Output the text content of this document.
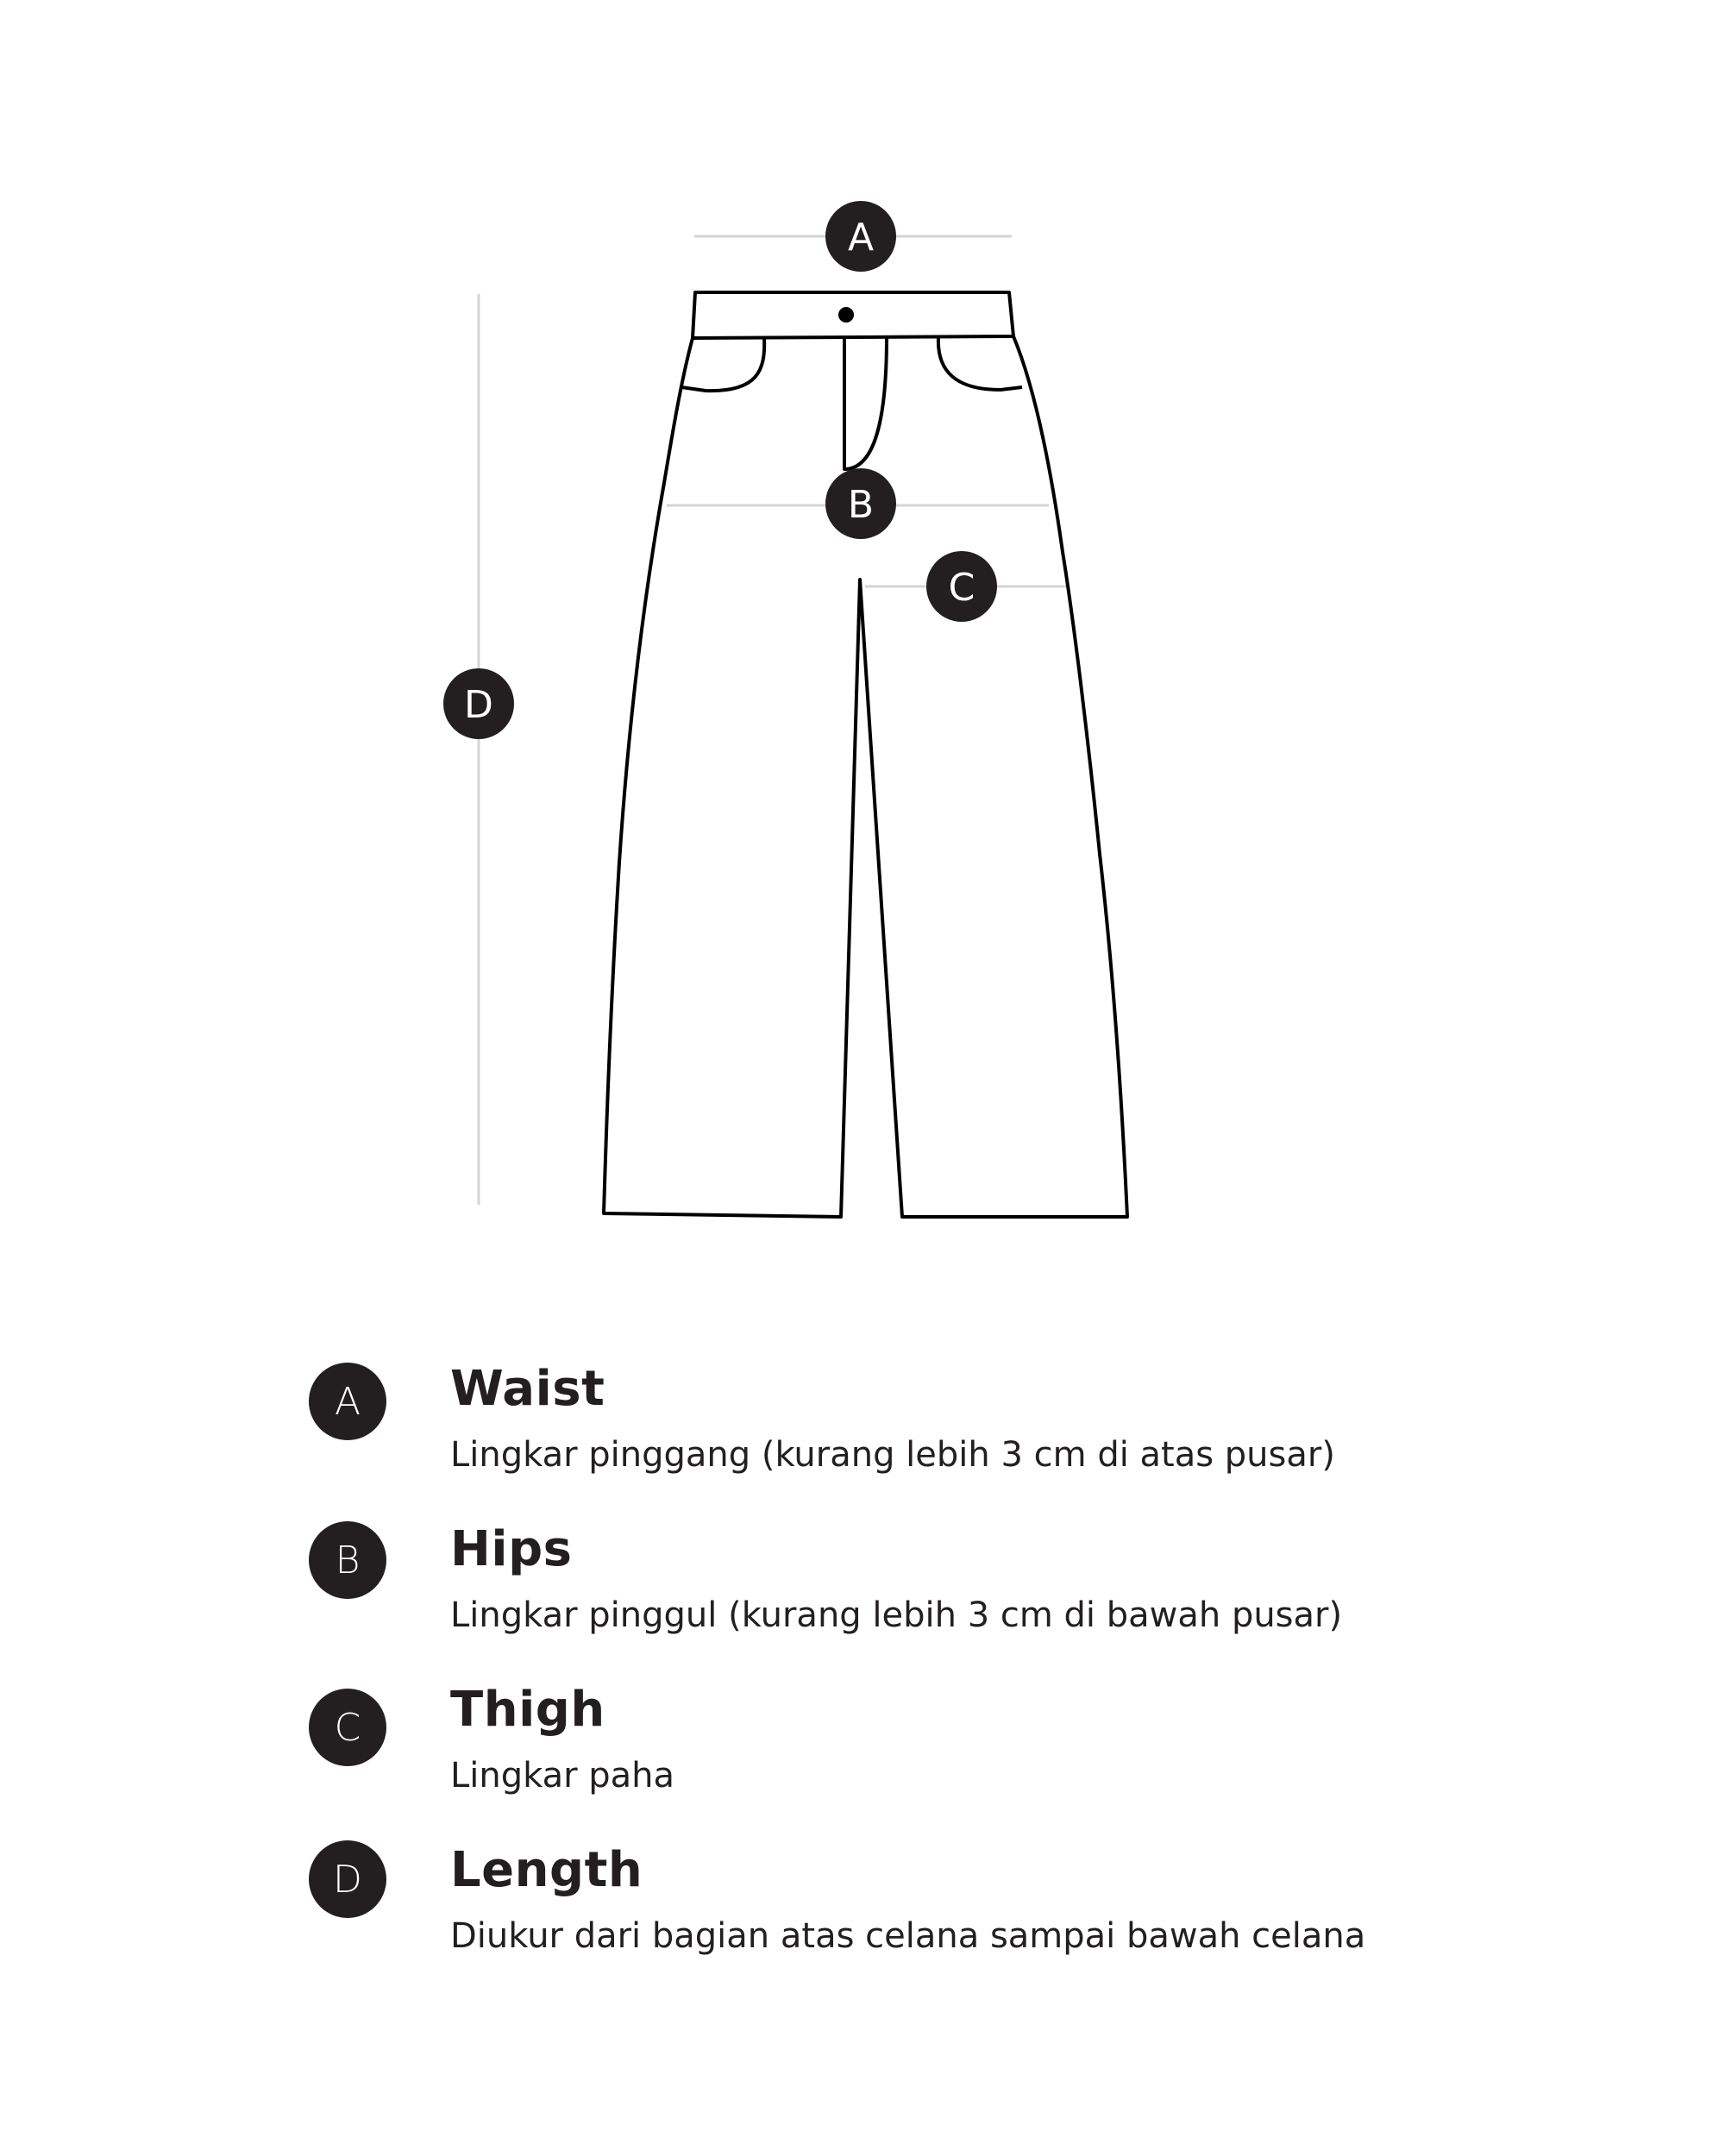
A
B
C
D
A	Waist
Lingkar pinggang (kurang lebih 3 cm di atas pusar)
B	Hips
Lingkar pinggul (kurang lebih 3 cm di bawah pusar)
C	Thigh
Lingkar paha
D	Length
Diukur dari bagian atas celana sampai bawah celana
